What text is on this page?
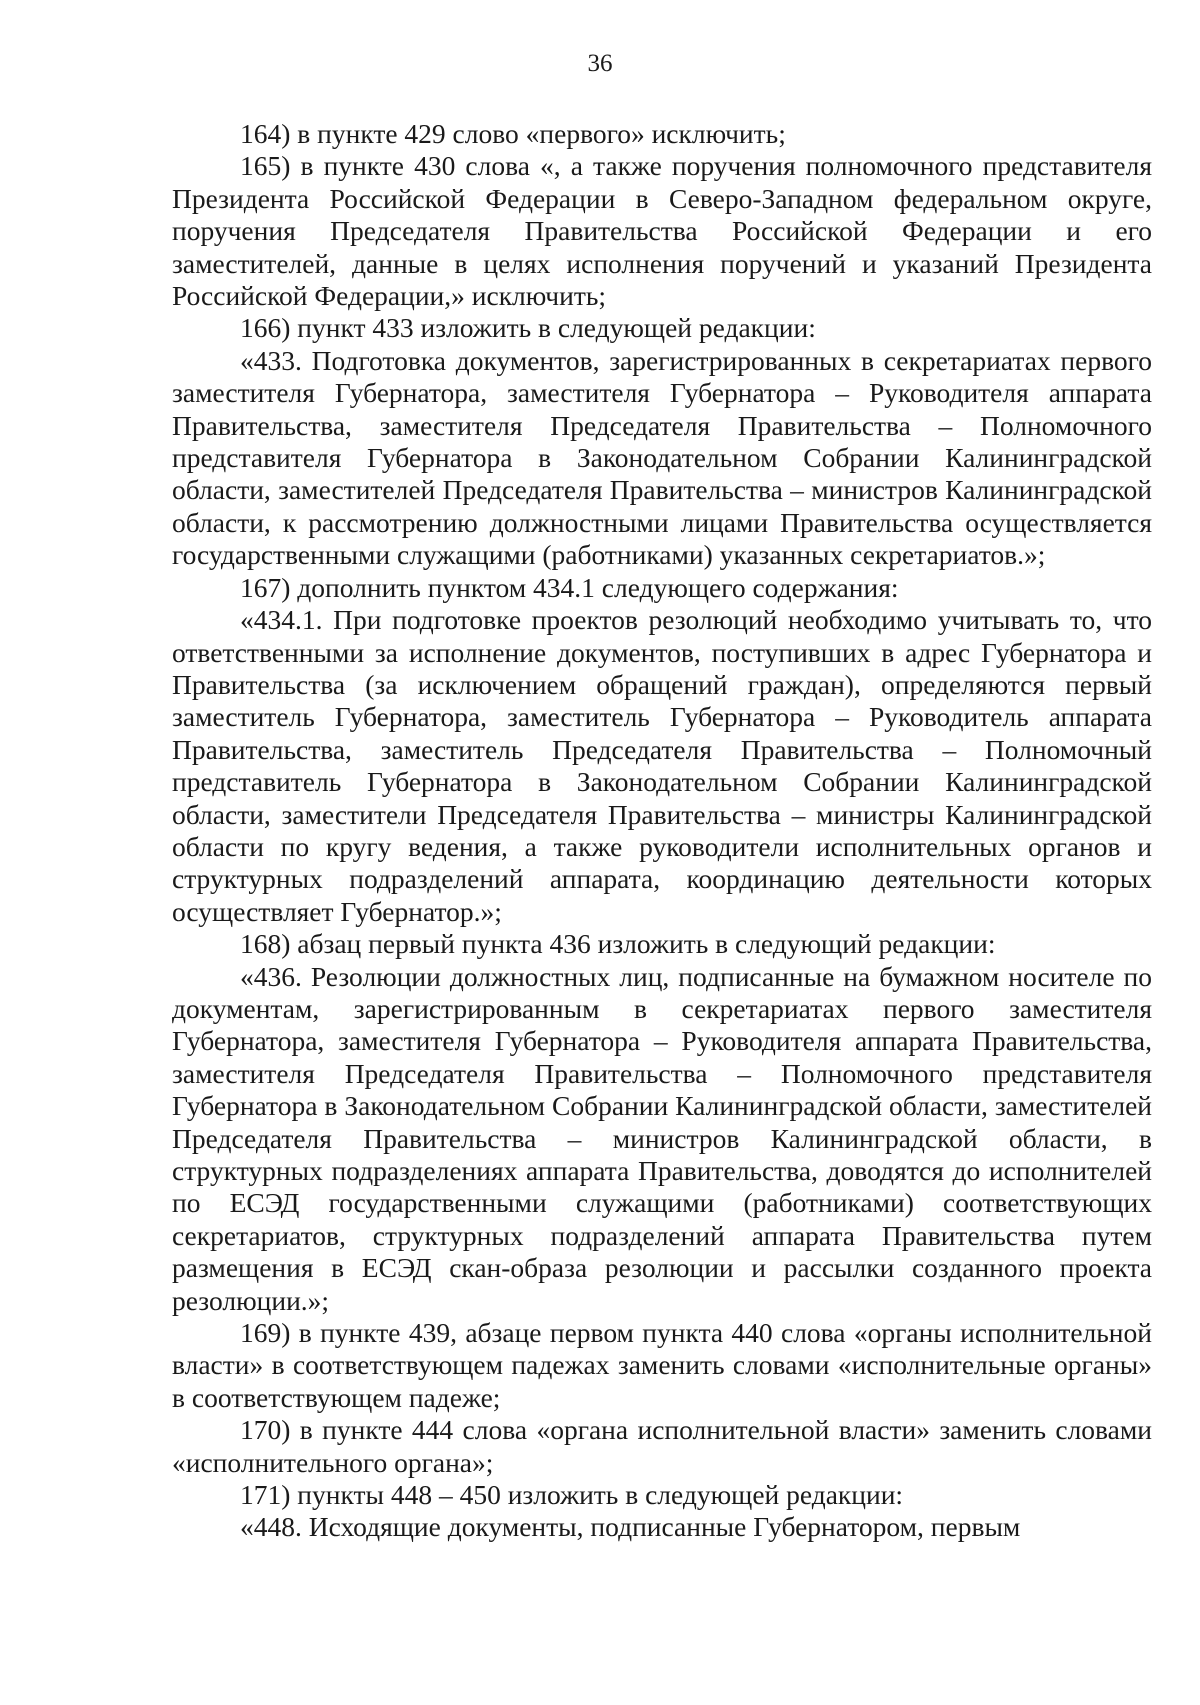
36

164) в пункте 429 слово «первого» исключить;

165) в пункте 430 слова «, а также поручения полномочного представителя Президента Российской Федерации в Северо-Западном федеральном округе, поручения Председателя Правительства Российской Федерации и его заместителей, данные в целях исполнения поручений и указаний Президента Российской Федерации,» исключить;

166) пункт 433 изложить в следующей редакции:

«433. Подготовка документов, зарегистрированных в секретариатах первого заместителя Губернатора, заместителя Губернатора – Руководителя аппарата Правительства, заместителя Председателя Правительства – Полномочного представителя Губернатора в Законодательном Собрании Калининградской области, заместителей Председателя Правительства – министров Калининградской области, к рассмотрению должностными лицами Правительства осуществляется государственными служащими (работниками) указанных секретариатов.»;

167) дополнить пунктом 434.1 следующего содержания:

«434.1. При подготовке проектов резолюций необходимо учитывать то, что ответственными за исполнение документов, поступивших в адрес Губернатора и Правительства (за исключением обращений граждан), определяются первый заместитель Губернатора, заместитель Губернатора – Руководитель аппарата Правительства, заместитель Председателя Правительства – Полномочный представитель Губернатора в Законодательном Собрании Калининградской области, заместители Председателя Правительства – министры Калининградской области по кругу ведения, а также руководители исполнительных органов и структурных подразделений аппарата, координацию деятельности которых осуществляет Губернатор.»;

168) абзац первый пункта 436 изложить в следующий редакции:

«436. Резолюции должностных лиц, подписанные на бумажном носителе по документам, зарегистрированным в секретариатах первого заместителя Губернатора, заместителя Губернатора – Руководителя аппарата Правительства, заместителя Председателя Правительства – Полномочного представителя Губернатора в Законодательном Собрании Калининградской области, заместителей Председателя Правительства – министров Калининградской области, в структурных подразделениях аппарата Правительства, доводятся до исполнителей по ЕСЭД государственными служащими (работниками) соответствующих секретариатов, структурных подразделений аппарата Правительства путем размещения в ЕСЭД скан-образа резолюции и рассылки созданного проекта резолюции.»;

169) в пункте 439, абзаце первом пункта 440 слова «органы исполнительной власти» в соответствующем падежах заменить словами «исполнительные органы» в соответствующем падеже;

170) в пункте 444 слова «органа исполнительной власти» заменить словами «исполнительного органа»;

171) пункты 448 – 450 изложить в следующей редакции:

«448. Исходящие документы, подписанные Губернатором, первым
